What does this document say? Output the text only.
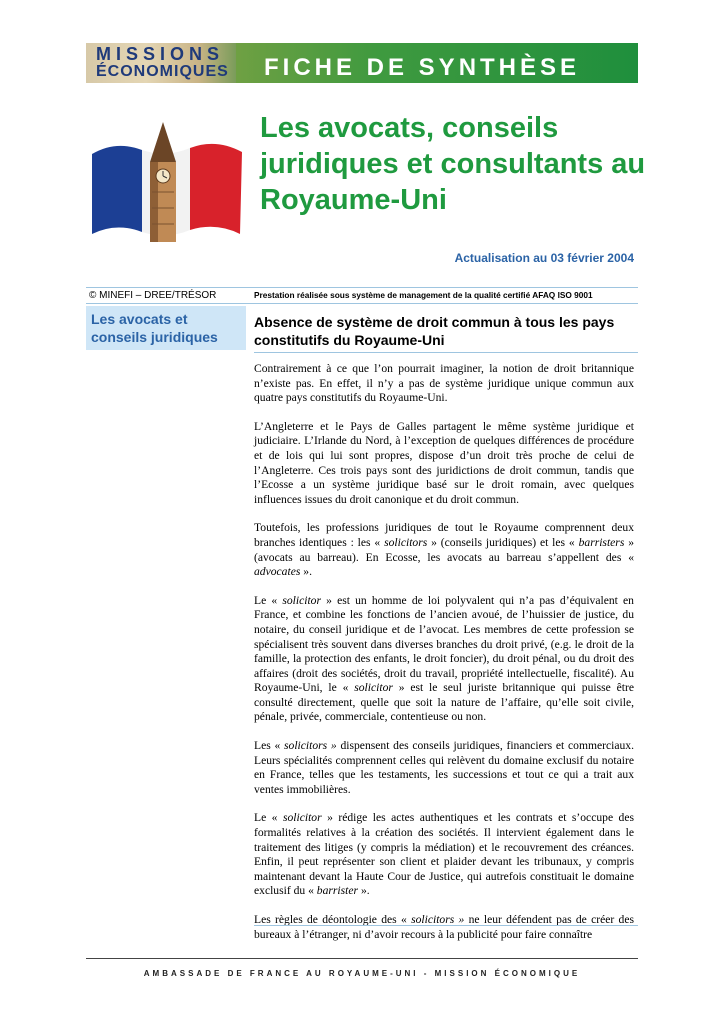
MISSIONS
ÉCONOMIQUES FICHE DE SYNTHÈSE
Les avocats, conseils juridiques et consultants au Royaume-Uni
Actualisation au 03 février 2004
© MINEFI – DREE/TRÉSOR	Prestation réalisée sous système de management de la qualité certifié AFAQ ISO 9001
Les avocats et conseils juridiques
Absence de système de droit commun à tous les pays constitutifs du Royaume-Uni

Contrairement à ce que l’on pourrait imaginer, la notion de droit britannique n’existe pas. En effet, il n’y a pas de système juridique unique commun aux quatre pays constitutifs du Royaume-Uni.

L’Angleterre et le Pays de Galles partagent le même système juridique et judiciaire. L’Irlande du Nord, à l’exception de quelques différences de procédure et de lois qui lui sont propres, dispose d’un droit très proche de celui de l’Angleterre. Ces trois pays sont des juridictions de droit commun, tandis que l’Ecosse a un système juridique basé sur le droit romain, avec quelques influences issues du droit canonique et du droit commun.

Toutefois, les professions juridiques de tout le Royaume comprennent deux branches identiques : les « solicitors » (conseils juridiques) et les « barristers » (avocats au barreau). En Ecosse, les avocats au barreau s’appellent des « advocates ».

Le « solicitor » est un homme de loi polyvalent qui n’a pas d’équivalent en France, et combine les fonctions de l’ancien avoué, de l’huissier de justice, du notaire, du conseil juridique et de l’avocat. Les membres de cette profession se spécialisent très souvent dans diverses branches du droit privé, (e.g. le droit de la famille, la protection des enfants, le droit foncier), du droit pénal, ou du droit des affaires (droit des sociétés, droit du travail, propriété intellectuelle, fiscalité). Au Royaume-Uni, le « solicitor » est le seul juriste britannique qui puisse être consulté directement, quelle que soit la nature de l’affaire, qu’elle soit civile, pénale, privée, commerciale, contentieuse ou non.

Les « solicitors » dispensent des conseils juridiques, financiers et commerciaux. Leurs spécialités comprennent celles qui relèvent du domaine exclusif du notaire en France, telles que les testaments, les successions et tout ce qui a trait aux ventes immobilières.

Le « solicitor » rédige les actes authentiques et les contrats et s’occupe des formalités relatives à la création des sociétés. Il intervient également dans le traitement des litiges (y compris la médiation) et le recouvrement des créances. Enfin, il peut représenter son client et plaider devant les tribunaux, y compris maintenant devant la Haute Cour de Justice, qui autrefois constituait le domaine exclusif du « barrister ».

Les règles de déontologie des « solicitors » ne leur défendent pas de créer des bureaux à l’étranger, ni d’avoir recours à la publicité pour faire connaître

AMBASSADE DE FRANCE AU ROYAUME-UNI - MISSION ÉCONOMIQUE
